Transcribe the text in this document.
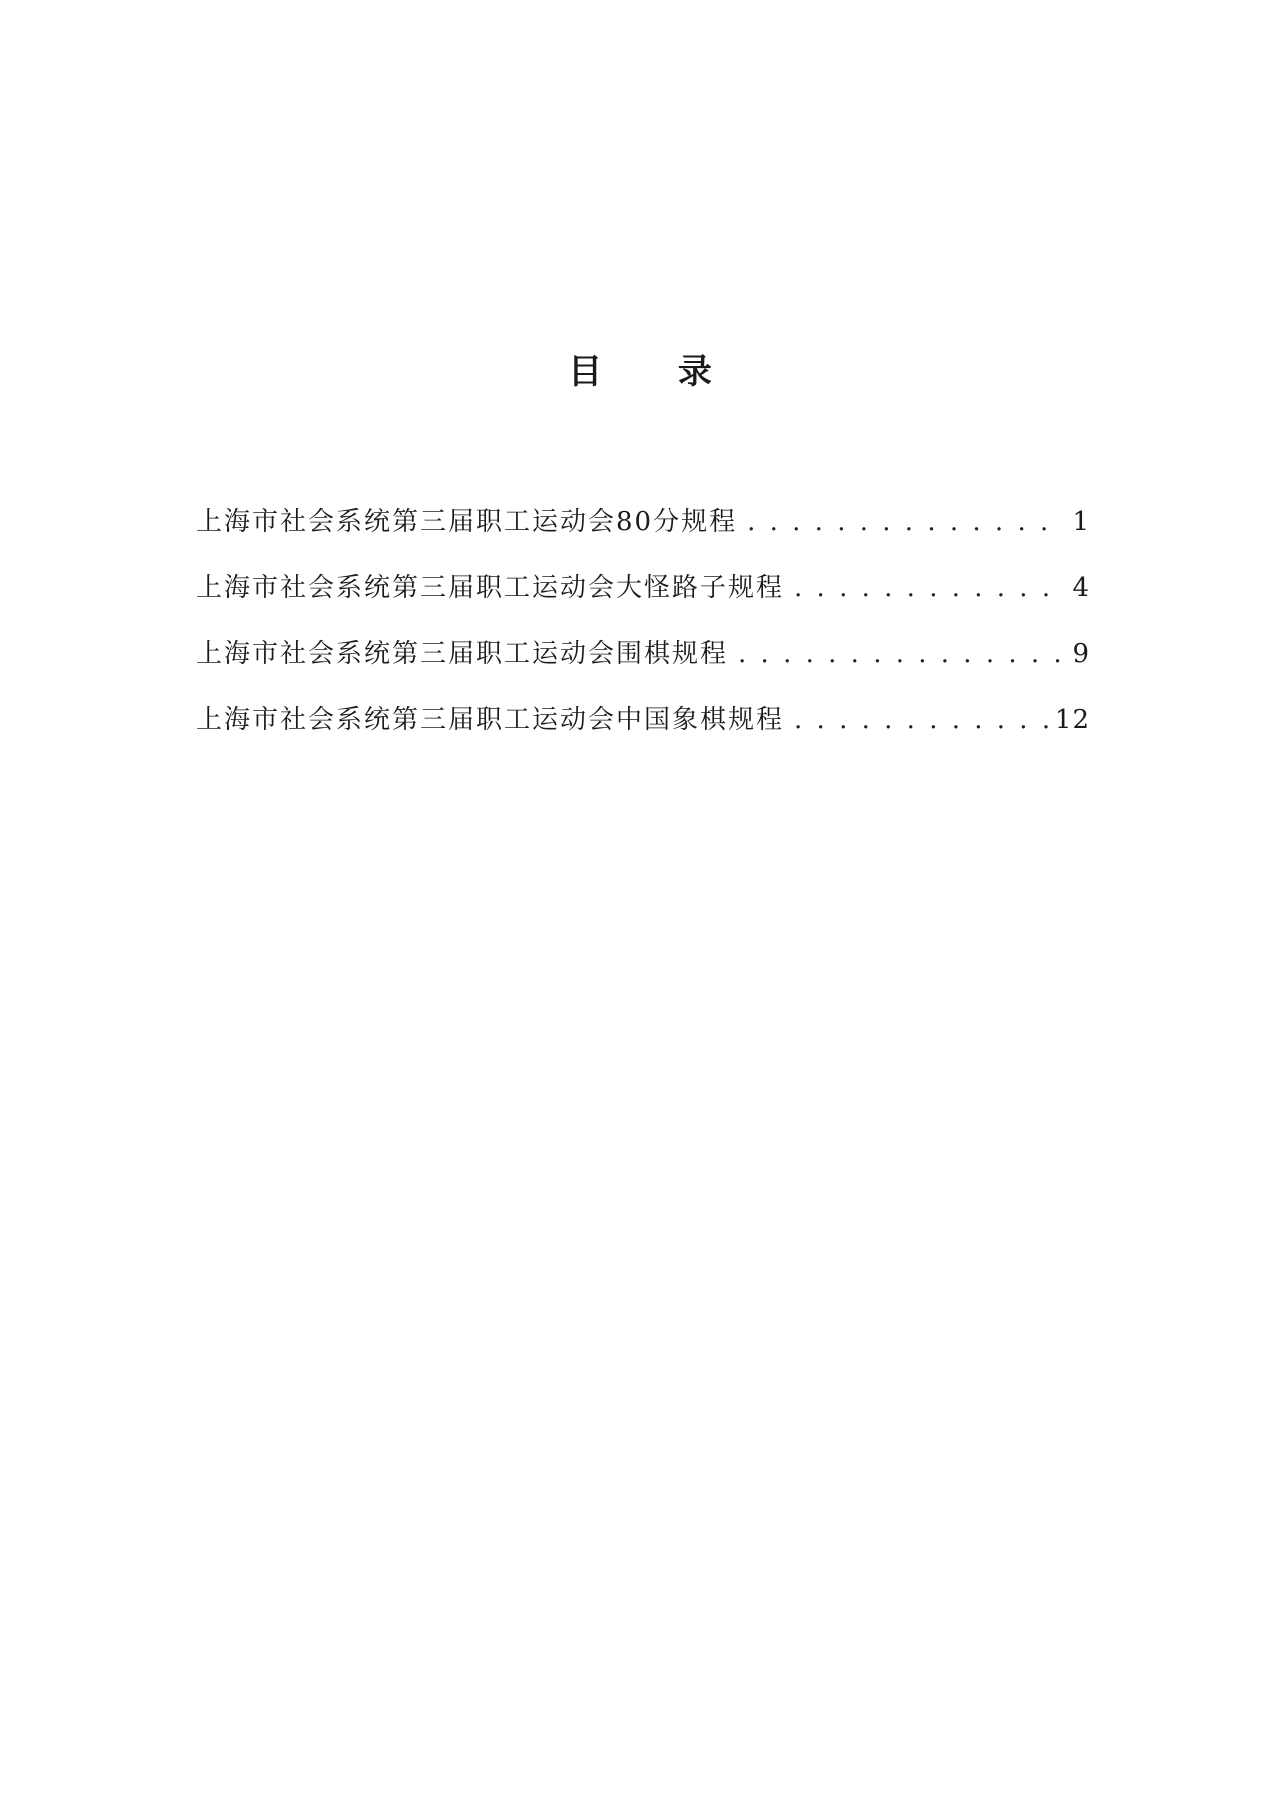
目 录
上海市社会系统第三届职工运动会80分规程 . . .	1
上海市社会系统第三届职工运动会大怪路子规程 . . .	4
上海市社会系统第三届职工运动会围棋规程 . . .	9
上海市社会系统第三届职工运动会中国象棋规程 . . .	12
